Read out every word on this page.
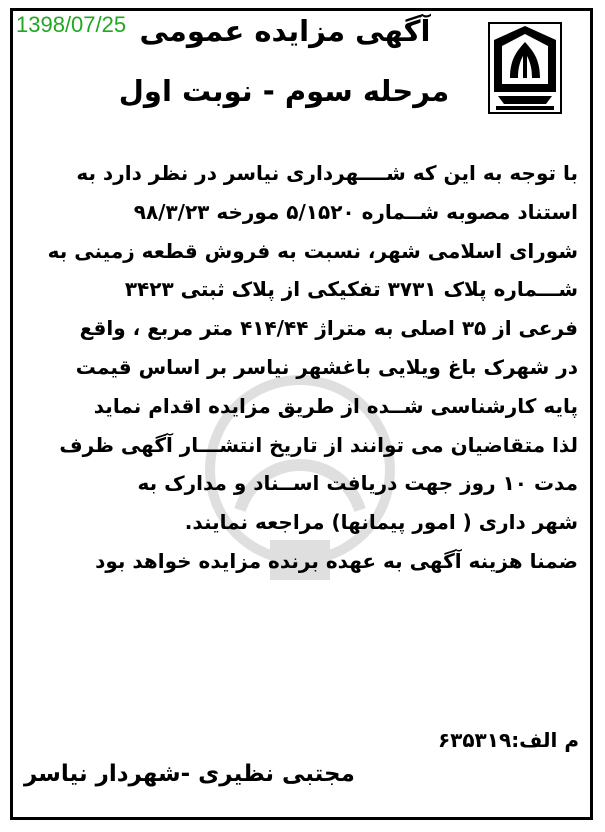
1398/07/25 آگهی مزایده عمومی
مرحله سوم - نوبت اول
با توجه به این که شــــهرداری نیاسر در نظر دارد به
استناد مصوبه شــماره ۵/۱۵۲۰ مورخه ۹۸/۳/۲۳
شورای اسلامی شهر، نسبت به فروش قطعه زمینی به
شـــماره پلاک ۳۷۳۱ تفکیکی از پلاک ثبتی ۳۴۲۳
فرعی از ۳۵ اصلی به متراژ ۴۱۴/۴۴ متر مربع ، واقع
در شهرک باغ ویلایی باغشهر نیاسر بر اساس قیمت
پایه کارشناسی شــده از طریق مزایده اقدام نماید
لذا متقاضیان می توانند از تاریخ انتشـــار آگهی ظرف
مدت ۱۰ روز جهت دریافت اســناد و مدارک به
شهر داری ( امور پیمانها) مراجعه نمایند.
ضمنا هزینه آگهی به عهده برنده مزایده خواهد بود
م الف:۶۳۵۳۱۹
مجتبی نظیری -شهردار نیاسر
